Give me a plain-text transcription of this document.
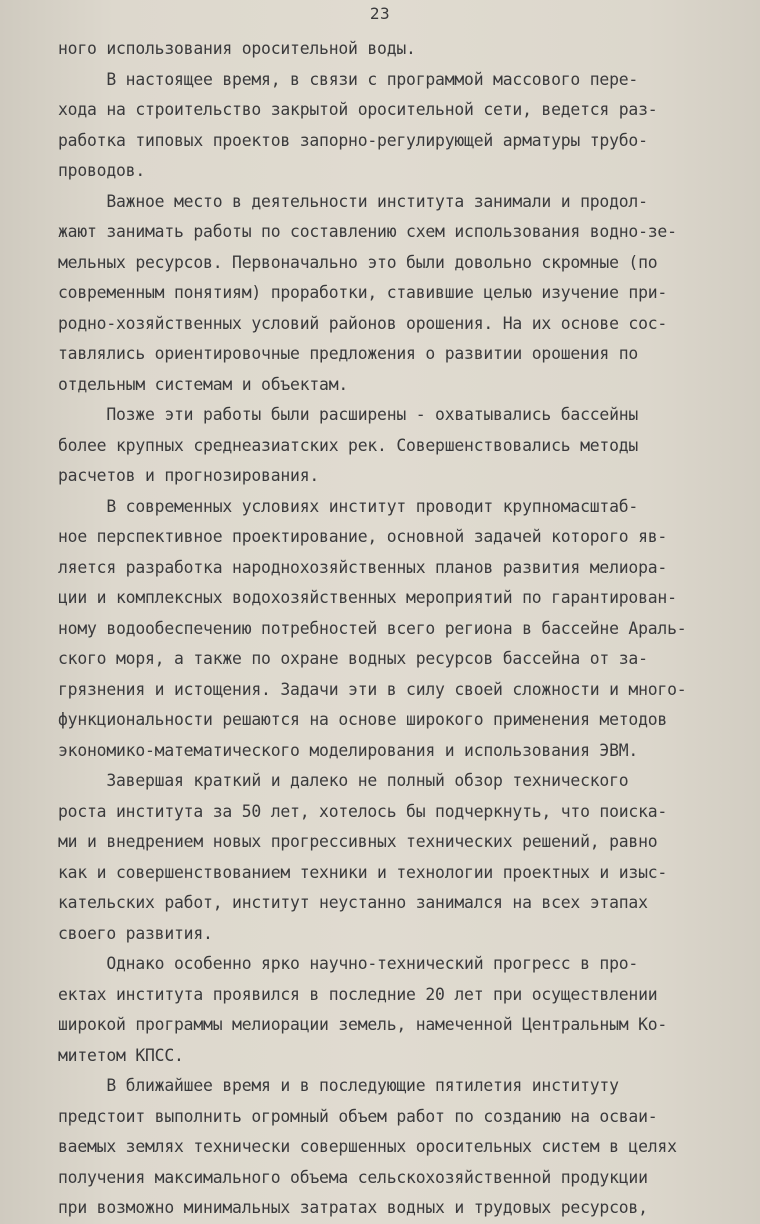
23
ного использования оросительной воды.
В настоящее время, в связи с программой массового пере-
хода на строительство закрытой оросительной сети, ведется раз-
работка типовых проектов запорно-регулирующей арматуры трубо-
проводов.
Важное место в деятельности института занимали и продол-
жают занимать работы по составлению схем использования водно-зе-
мельных ресурсов. Первоначально это были довольно скромные (по
современным понятиям) проработки, ставившие целью изучение при-
родно-хозяйственных условий районов орошения. На их основе сос-
тавлялись ориентировочные предложения о развитии орошения по
отдельным системам и объектам.
Позже эти работы были расширены - охватывались бассейны
более крупных среднеазиатских рек. Совершенствовались методы
расчетов и прогнозирования.
В современных условиях институт проводит крупномасштаб-
ное перспективное проектирование, основной задачей которого яв-
ляется разработка народнохозяйственных планов развития мелиора-
ции и комплексных водохозяйственных мероприятий по гарантирован-
ному водообеспечению потребностей всего региона в бассейне Араль-
ского моря, а также по охране водных ресурсов бассейна от за-
грязнения и истощения. Задачи эти в силу своей сложности и много-
функциональности решаются на основе широкого применения методов
экономико-математического моделирования и использования ЭВМ.
Завершая краткий и далеко не полный обзор технического
роста института за 50 лет, хотелось бы подчеркнуть, что поиска-
ми и внедрением новых прогрессивных технических решений, равно
как и совершенствованием техники и технологии проектных и изыс-
кательских работ, институт неустанно занимался на всех этапах
своего развития.
Однако особенно ярко научно-технический прогресс в про-
ектах института проявился в последние 20 лет при осуществлении
широкой программы мелиорации земель, намеченной Центральным Ко-
митетом КПСС.
В ближайшее время и в последующие пятилетия институту
предстоит выполнить огромный объем работ по созданию на осваи-
ваемых землях технически совершенных оросительных систем в целях
получения максимального объема сельскохозяйственной продукции
при возможно минимальных затратах водных и трудовых ресурсов,
